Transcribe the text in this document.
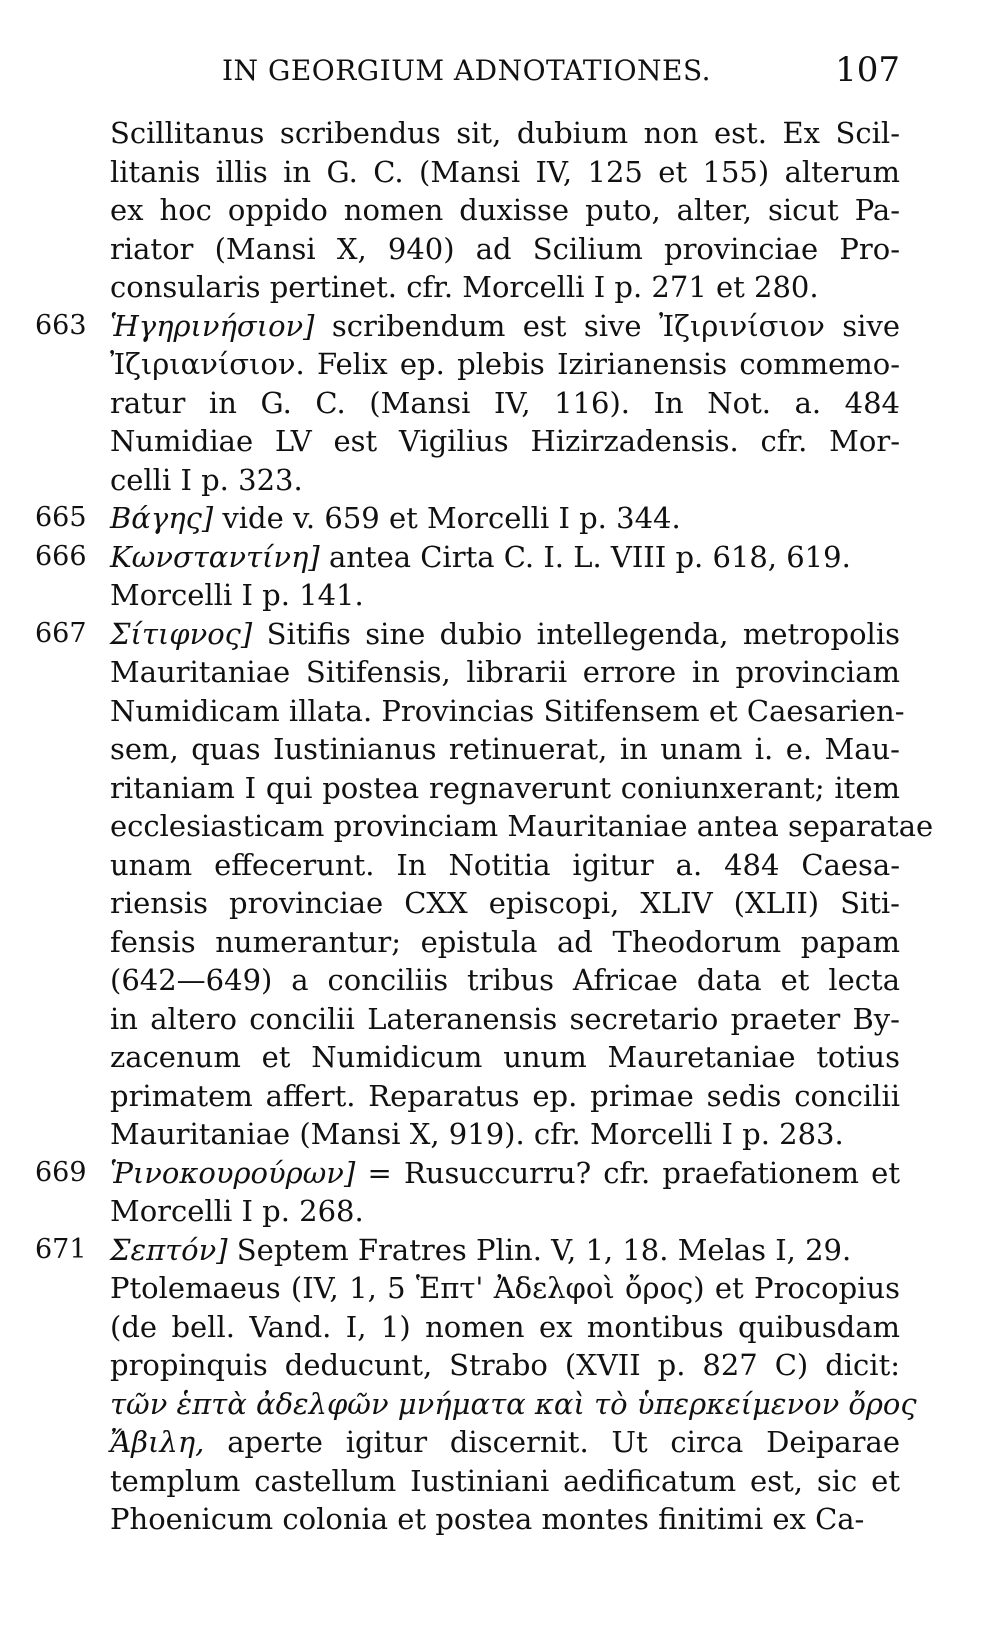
IN GEORGIUM ADNOTATIONES.	107
Scillitanus scribendus sit, dubium non est. Ex Scil-
litanis illis in G. C. (Mansi IV, 125 et 155) alterum
ex hoc oppido nomen duxisse puto, alter, sicut Pa-
riator (Mansi X, 940) ad Scilium provinciae Pro-
consularis pertinet. cfr. Morcelli I p. 271 et 280.
663 Ἡγηρινήσιον] scribendum est sive Ἰζιρινίσιον sive
Ἰζιριανίσιον. Felix ep. plebis Izirianensis commemo-
ratur in G. C. (Mansi IV, 116). In Not. a. 484
Numidiae LV est Vigilius Hizirzadensis. cfr. Mor-
celli I p. 323.
665 Βάγης] vide v. 659 et Morcelli I p. 344.
666 Κωνσταντίνη] antea Cirta C. I. L. VIII p. 618, 619.
Morcelli I p. 141.
667 Σίτιφνος] Sitifis sine dubio intellegenda, metropolis
Mauritaniae Sitifensis, librarii errore in provinciam
Numidicam illata. Provincias Sitifensem et Caesarien-
sem, quas Iustinianus retinuerat, in unam i. e. Mau-
ritaniam I qui postea regnaverunt coniunxerant; item
ecclesiasticam provinciam Mauritaniae antea separatae
unam effecerunt. In Notitia igitur a. 484 Caesa-
riensis provinciae CXX episcopi, XLIV (XLII) Siti-
fensis numerantur; epistula ad Theodorum papam
(642—649) a conciliis tribus Africae data et lecta
in altero concilii Lateranensis secretario praeter By-
zacenum et Numidicum unum Mauretaniae totius
primatem affert. Reparatus ep. primae sedis concilii
Mauritaniae (Mansi X, 919). cfr. Morcelli I p. 283.
669 Ῥινοκουρούρων] = Rusuccurru? cfr. praefationem et
Morcelli I p. 268.
671 Σεπτόν] Septem Fratres Plin. V, 1, 18. Melas I, 29.
Ptolemaeus (IV, 1, 5 Ἑπτ' Ἀδελφοὶ ὄρος) et Procopius
(de bell. Vand. I, 1) nomen ex montibus quibusdam
propinquis deducunt, Strabo (XVII p. 827 C) dicit:
τῶν ἑπτὰ ἀδελφῶν μνήματα καὶ τὸ ὑπερκείμενον ὄρος
Ἄβιλη, aperte igitur discernit. Ut circa Deiparae
templum castellum Iustiniani aedificatum est, sic et
Phoenicum colonia et postea montes finitimi ex Ca-
